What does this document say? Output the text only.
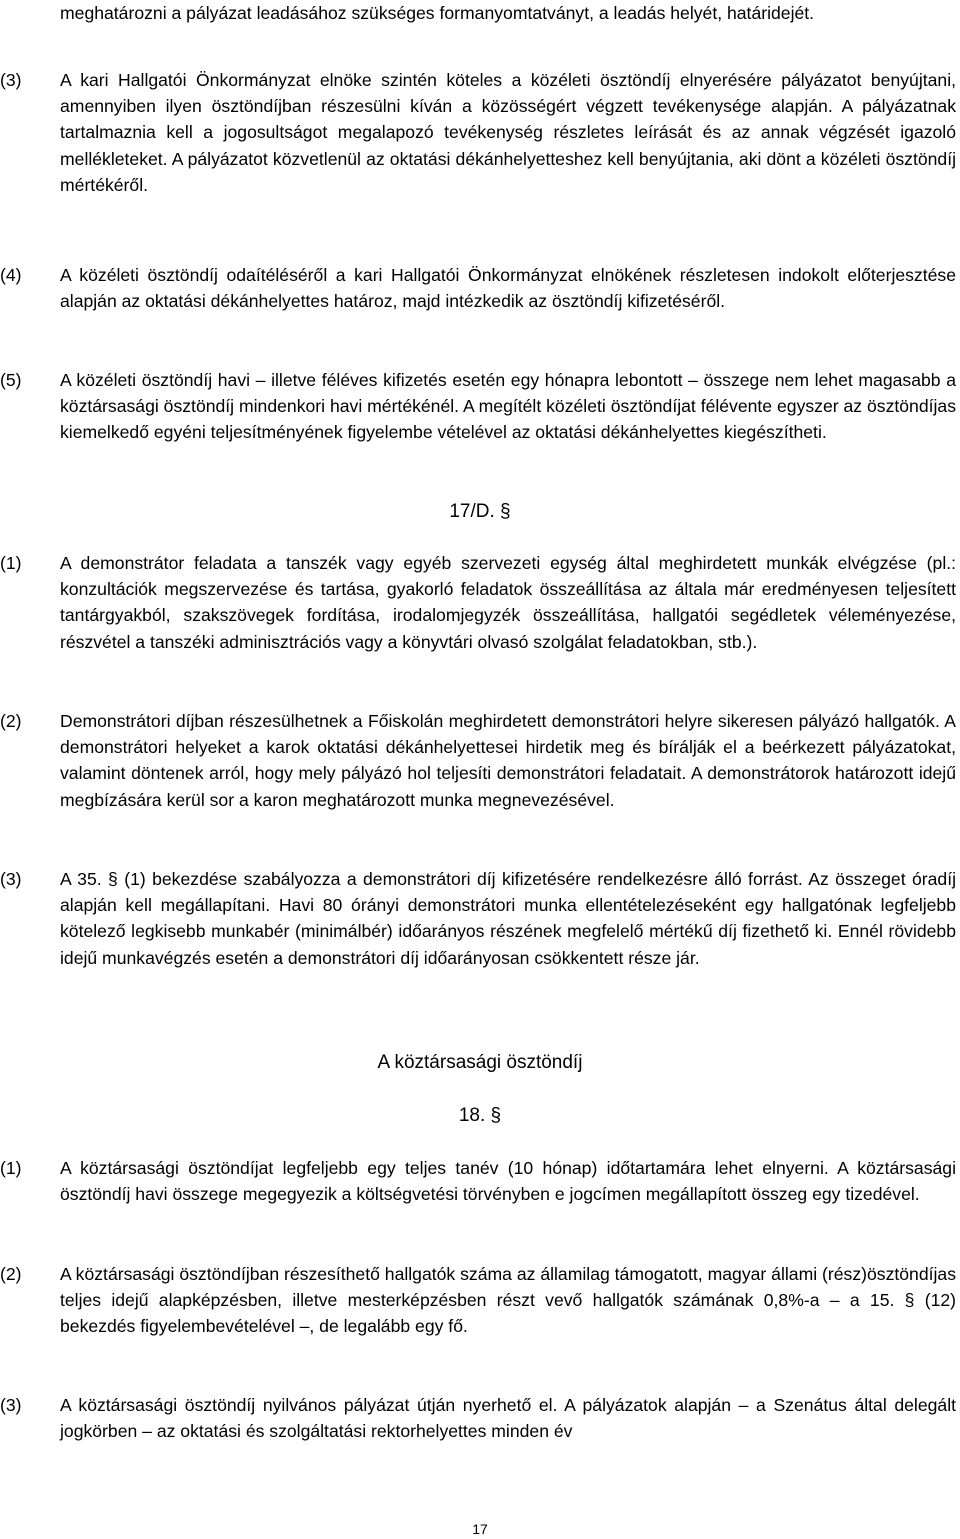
meghatározni a pályázat leadásához szükséges formanyomtatványt, a leadás helyét, határidejét.
(3)	A kari Hallgatói Önkormányzat elnöke szintén köteles a közéleti ösztöndíj elnyerésére pályázatot benyújtani, amennyiben ilyen ösztöndíjban részesülni kíván a közösségért végzett tevékenysége alapján. A pályázatnak tartalmaznia kell a jogosultságot megalapozó tevékenység részletes leírását és az annak végzését igazoló mellékleteket. A pályázatot közvetlenül az oktatási dékánhelyetteshez kell benyújtania, aki dönt a közéleti ösztöndíj mértékéről.
(4)	A közéleti ösztöndíj odaítéléséről a kari Hallgatói Önkormányzat elnökének részletesen indokolt előterjesztése alapján az oktatási dékánhelyettes határoz, majd intézkedik az ösztöndíj kifizetéséről.
(5)	A közéleti ösztöndíj havi – illetve féléves kifizetés esetén egy hónapra lebontott – összege nem lehet magasabb a köztársasági ösztöndíj mindenkori havi mértékénél. A megítélt közéleti ösztöndíjat félévente egyszer az ösztöndíjas kiemelkedő egyéni teljesítményének figyelembe vételével az oktatási dékánhelyettes kiegészítheti.
17/D. §
(1)	A demonstrátor feladata a tanszék vagy egyéb szervezeti egység által meghirdetett munkák elvégzése (pl.: konzultációk megszervezése és tartása, gyakorló feladatok összeállítása az általa már eredményesen teljesített tantárgyakból, szakszövegek fordítása, irodalomjegyzék összeállítása, hallgatói segédletek véleményezése, részvétel a tanszéki adminisztrációs vagy a könyvtári olvasó szolgálat feladatokban, stb.).
(2)	Demonstrátori díjban részesülhetnek a Főiskolán meghirdetett demonstrátori helyre sikeresen pályázó hallgatók. A demonstrátori helyeket a karok oktatási dékánhelyettesei hirdetik meg és bírálják el a beérkezett pályázatokat, valamint döntenek arról, hogy mely pályázó hol teljesíti demonstrátori feladatait. A demonstrátorok határozott idejű megbízására kerül sor a karon meghatározott munka megnevezésével.
(3)	A 35. § (1) bekezdése szabályozza a demonstrátori díj kifizetésére rendelkezésre álló forrást. Az összeget óradíj alapján kell megállapítani. Havi 80 órányi demonstrátori munka ellentételezéseként egy hallgatónak legfeljebb kötelező legkisebb munkabér (minimálbér) időarányos részének megfelelő mértékű díj fizethető ki. Ennél rövidebb idejű munkavégzés esetén a demonstrátori díj időarányosan csökkentett része jár.
A köztársasági ösztöndíj
18. §
(1)	A köztársasági ösztöndíjat legfeljebb egy teljes tanév (10 hónap) időtartamára lehet elnyerni. A köztársasági ösztöndíj havi összege megegyezik a költségvetési törvényben e jogcímen megállapított összeg egy tizedével.
(2)	A köztársasági ösztöndíjban részesíthető hallgatók száma az államilag támogatott, magyar állami (rész)ösztöndíjas teljes idejű alapképzésben, illetve mesterképzésben részt vevő hallgatók számának 0,8%-a – a 15. § (12) bekezdés figyelembevételével –, de legalább egy fő.
(3)	A köztársasági ösztöndíj nyilvános pályázat útján nyerhető el. A pályázatok alapján – a Szenátus által delegált jogkörben – az oktatási és szolgáltatási rektorhelyettes minden év
17
